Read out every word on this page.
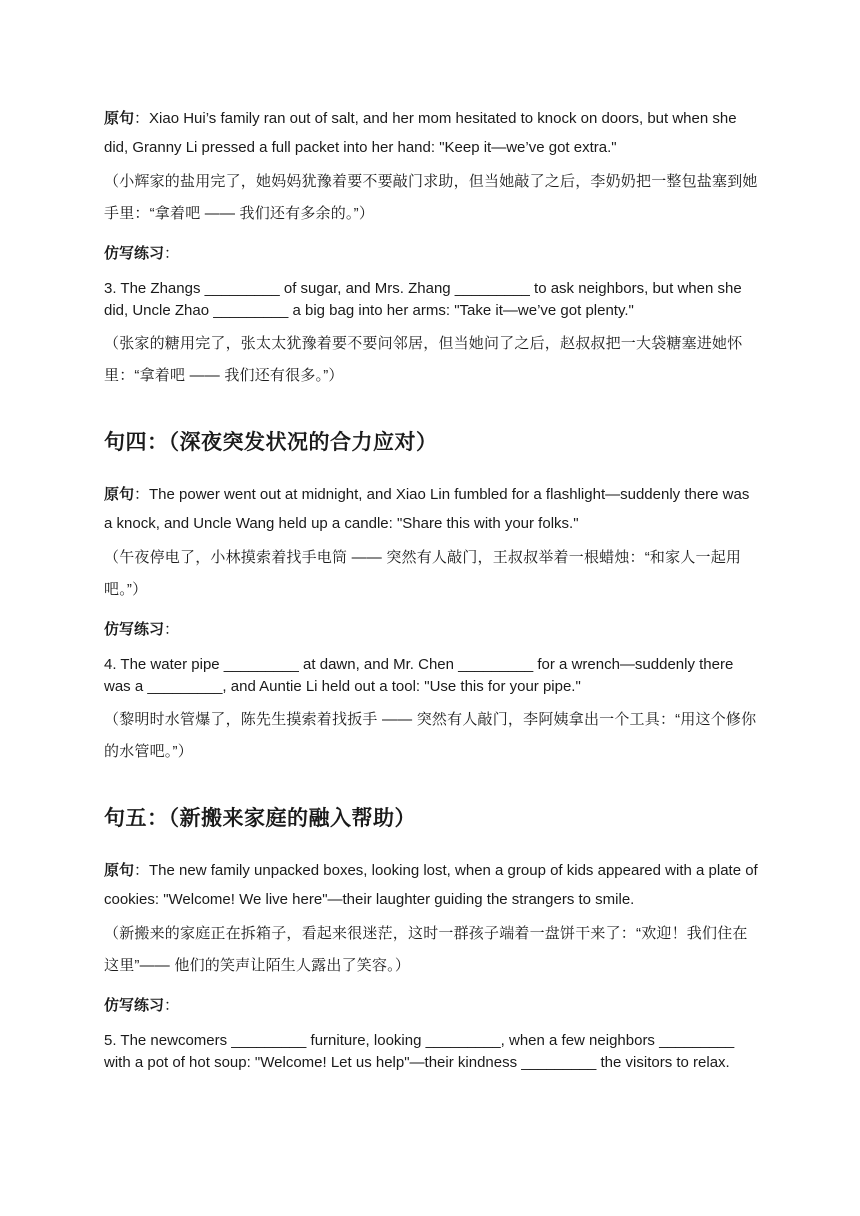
原句：Xiao Hui’s family ran out of salt, and her mom hesitated to knock on doors, but when she did, Granny Li pressed a full packet into her hand: "Keep it—we’ve got extra."

（小辉家的盐用完了，她妈妈犹豫着要不要敲门求助，但当她敲了之后，李奶奶把一整包盐塞到她手里：“拿着吧 —— 我们还有多余的。”）

仿写练习：

3. The Zhangs _________ of sugar, and Mrs. Zhang _________ to ask neighbors, but when she did, Uncle Zhao _________ a big bag into her arms: "Take it—we’ve got plenty."

（张家的糖用完了，张太太犹豫着要不要问邻居，但当她问了之后，赵叔叔把一大袋糖塞进她怀里：“拿着吧 —— 我们还有很多。”）

句四：（深夜突发状况的合力应对）

原句：The power went out at midnight, and Xiao Lin fumbled for a flashlight—suddenly there was a knock, and Uncle Wang held up a candle: "Share this with your folks."

（午夜停电了，小林摸索着找手电筒 —— 突然有人敲门，王叔叔举着一根蜡烛：“和家人一起用吧。”）

仿写练习：

4. The water pipe _________ at dawn, and Mr. Chen _________ for a wrench—suddenly there was a _________, and Auntie Li held out a tool: "Use this for your pipe."

（黎明时水管爆了，陈先生摸索着找扳手 —— 突然有人敲门，李阿姨拿出一个工具：“用这个修你的水管吧。”）

句五：（新搬来家庭的融入帮助）

原句：The new family unpacked boxes, looking lost, when a group of kids appeared with a plate of cookies: "Welcome! We live here"—their laughter guiding the strangers to smile.

（新搬来的家庭正在拆箱子，看起来很迷茫，这时一群孩子端着一盘饼干来了：“欢迎！我们住在这里”—— 他们的笑声让陌生人露出了笑容。）

仿写练习：

5. The newcomers _________ furniture, looking _________, when a few neighbors _________ with a pot of hot soup: "Welcome! Let us help"—their kindness _________ the visitors to relax.
